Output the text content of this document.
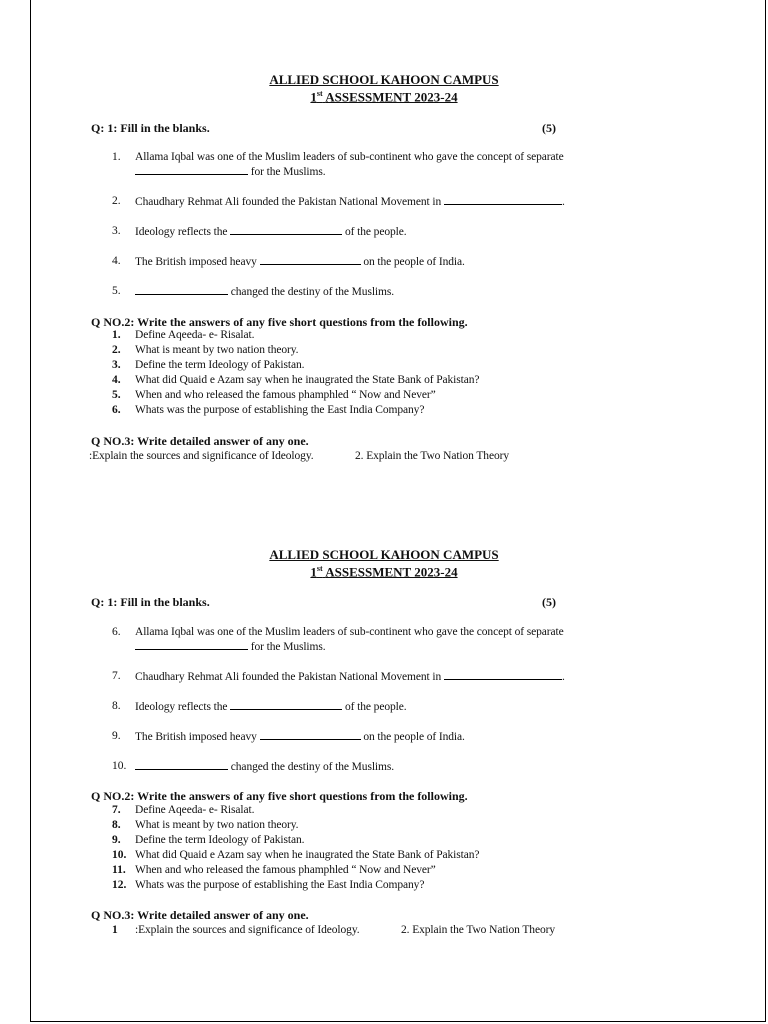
ALLIED SCHOOL KAHOON CAMPUS
1st ASSESSMENT 2023-24
Q: 1: Fill in the blanks.	(5)
1. Allama Iqbal was one of the Muslim leaders of sub-continent who gave the concept of separate
for the Muslims.
2. Chaudhary Rehmat Ali founded the Pakistan National Movement in	.
3. Ideology reflects the	of the people.
4. The British imposed heavy	on the people of India.
5.	changed the destiny of the Muslims.
Q NO.2: Write the answers of any five short questions from the following.
1. Define Aqeeda- e- Risalat.
2. What is meant by two nation theory.
3. Define the term Ideology of Pakistan.
4. What did Quaid e Azam say when he inaugrated the State Bank of Pakistan?
5. When and who released the famous phamphled “ Now and Never”
6. Whats was the purpose of establishing the East India Company?
Q NO.3: Write detailed answer of any one.
:Explain the sources and significance of Ideology.	2. Explain the Two Nation Theory
ALLIED SCHOOL KAHOON CAMPUS
1st ASSESSMENT 2023-24
Q: 1: Fill in the blanks.	(5)
6. Allama Iqbal was one of the Muslim leaders of sub-continent who gave the concept of separate
for the Muslims.
7. Chaudhary Rehmat Ali founded the Pakistan National Movement in	.
8. Ideology reflects the	of the people.
9. The British imposed heavy	on the people of India.
10.	changed the destiny of the Muslims.
Q NO.2: Write the answers of any five short questions from the following.
7. Define Aqeeda- e- Risalat.
8. What is meant by two nation theory.
9. Define the term Ideology of Pakistan.
10. What did Quaid e Azam say when he inaugrated the State Bank of Pakistan?
11. When and who released the famous phamphled “ Now and Never”
12. Whats was the purpose of establishing the East India Company?
Q NO.3: Write detailed answer of any one.
1 :Explain the sources and significance of Ideology.	2. Explain the Two Nation Theory
